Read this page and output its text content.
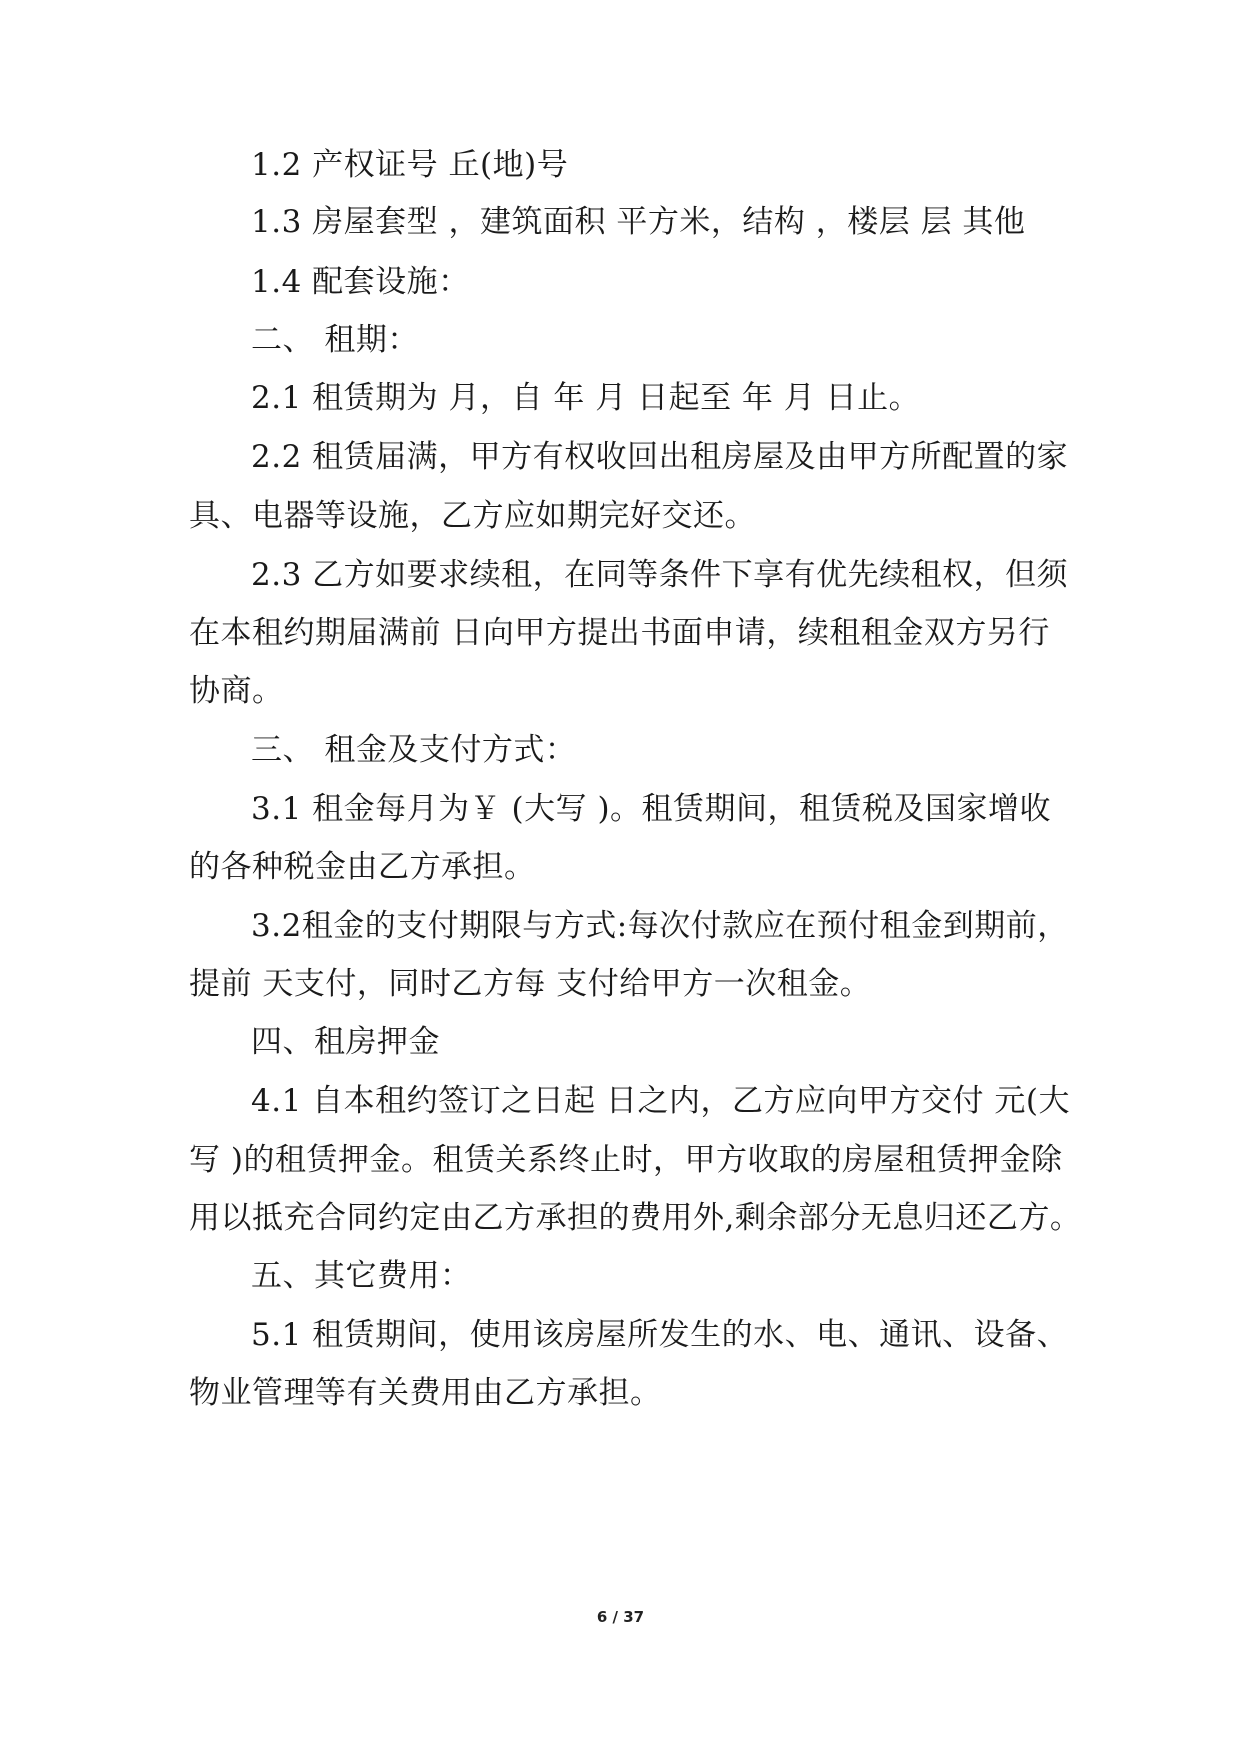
1.2 产权证号 丘(地)号
1.3 房屋套型 ，建筑面积 平方米，结构 ，楼层 层 其他
1.4 配套设施：
二、 租期：
2.1 租赁期为 月，自 年 月 日起至 年 月 日止。
2.2 租赁届满，甲方有权收回出租房屋及由甲方所配置的家
具、电器等设施，乙方应如期完好交还。
2.3 乙方如要求续租，在同等条件下享有优先续租权，但须
在本租约期届满前 日向甲方提出书面申请，续租租金双方另行
协商。
三、 租金及支付方式：
3.1 租金每月为￥ (大写 )。租赁期间，租赁税及国家增收
的各种税金由乙方承担。
3.2租金的支付期限与方式:每次付款应在预付租金到期前，
提前 天支付，同时乙方每 支付给甲方一次租金。
四、租房押金
4.1 自本租约签订之日起 日之内，乙方应向甲方交付 元(大
写 )的租赁押金。租赁关系终止时，甲方收取的房屋租赁押金除
用以抵充合同约定由乙方承担的费用外,剩余部分无息归还乙方。
五、其它费用：
5.1 租赁期间，使用该房屋所发生的水、电、通讯、设备、
物业管理等有关费用由乙方承担。
6 / 37
